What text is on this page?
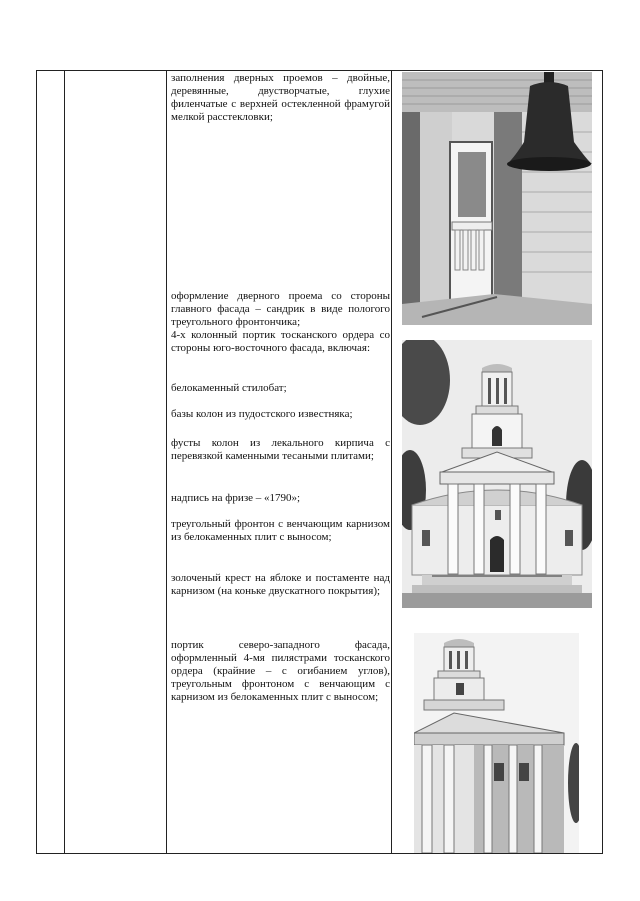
заполнения дверных проемов – двойные, деревянные, двустворчатые, глухие филенчатые с верхней остекленной фрамугой мелкой расстекловки;

оформление дверного проема со стороны главного фасада – сандрик в виде пологого треугольного фронтончика;

4-х колонный портик тосканского ордера со стороны юго-восточного фасада, включая:

белокаменный стилобат;

базы колон из пудостского известняка;

фусты колон из лекального кирпича с перевязкой каменными тесаными плитами;

надпись на фризе – «1790»;

треугольный фронтон с венчающим карнизом из белокаменных плит с выносом;

золоченый крест на яблоке и постаменте над карнизом (на коньке двускатного покрытия);

портик северо-западного фасада, оформленный 4-мя пилястрами тосканского ордера (крайние – с огибанием углов), треугольным фронтоном с венчающим с карнизом из белокаменных плит с выносом;
